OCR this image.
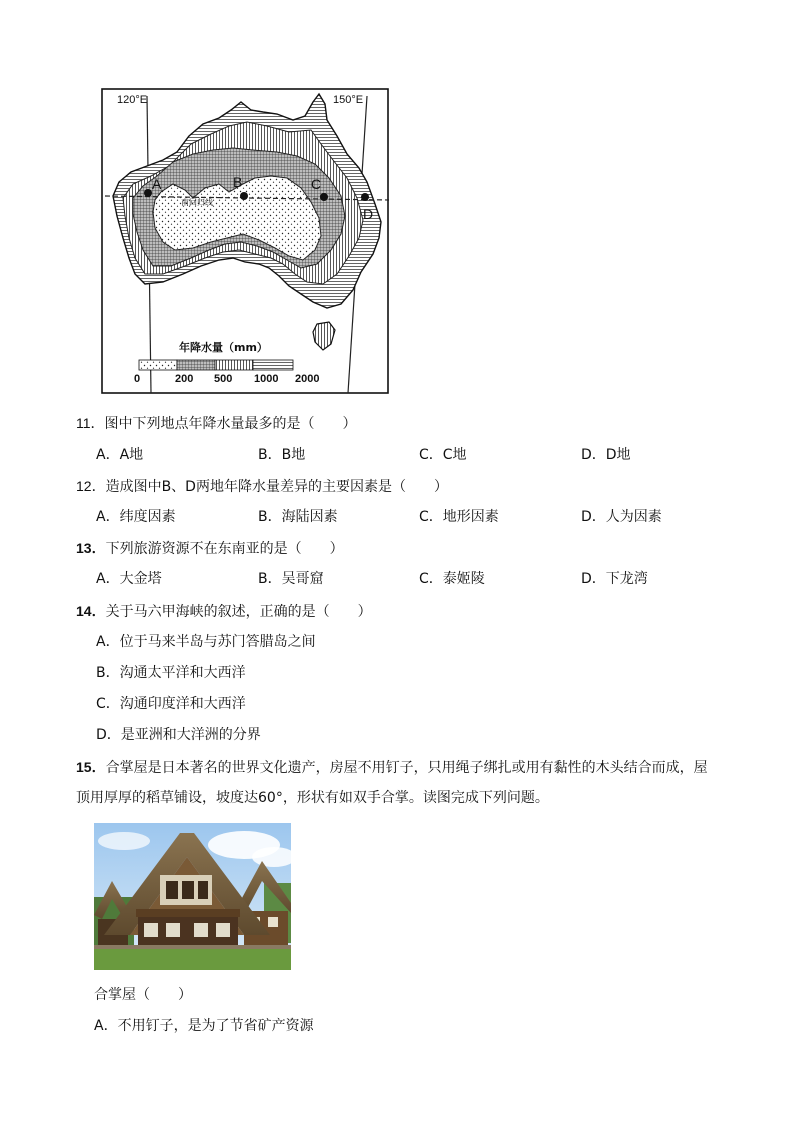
南回归线
120°E	150°E
A	B	C
D
年降水量（mm）
0	200 500 1000 2000
11．图中下列地点年降水量最多的是（　　）
A．A地	B．B地	C．C地	D．D地
12．造成图中B、D两地年降水量差异的主要因素是（　　）
A．纬度因素	B．海陆因素	C．地形因素	D．人为因素
13．下列旅游资源不在东南亚的是（　　）
A．大金塔	B．吴哥窟	C．泰姬陵	D．下龙湾
14．关于马六甲海峡的叙述，正确的是（　　）
A．位于马来半岛与苏门答腊岛之间
B．沟通太平洋和大西洋
C．沟通印度洋和大西洋
D．是亚洲和大洋洲的分界
15．合掌屋是日本著名的世界文化遗产，房屋不用钉子，只用绳子绑扎或用有黏性的木头结合而成，屋
顶用厚厚的稻草铺设，坡度达60°，形状有如双手合掌。读图完成下列问题。
合掌屋（　　）
A．不用钉子，是为了节省矿产资源
